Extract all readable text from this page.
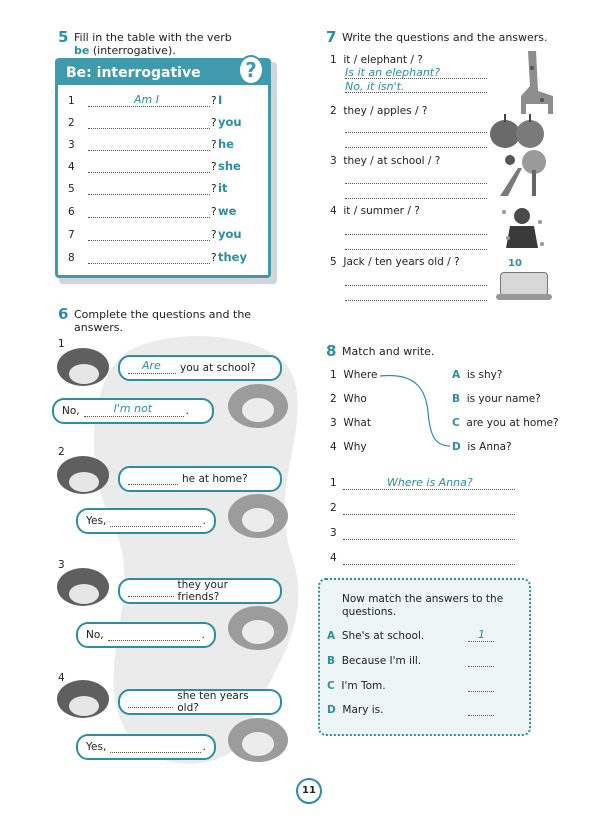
5 Fill in the table with the verb
be (interrogative).
Be: interrogative	?
1	Am I	? I
2	? you
3	? he
4	? she
5	? it
6	? we
7	? you
8	? they
6 Complete the questions and the answers.
1
Are you at school?
No,	I'm not	.
2
he at home?
Yes,	.
3
they your friends?
No,	.
4
she ten years old?
Yes,	.
7 Write the questions and the answers.
1 it / elephant / ?
Is it an elephant?
No, it isn't.
2 they / apples / ?
3 they / at school / ?
4 it / summer / ?
5 Jack / ten years old / ?	10
8 Match and write.
1 Where
2 Who
3 What
4 Why
A is shy?
B is your name?
C are you at home?
D is Anna?
1	Where is Anna?
2
3
4
Now match the answers to the questions.
A She's at school.	1
B Because I'm ill.
C I'm Tom.
D Mary is.
11
